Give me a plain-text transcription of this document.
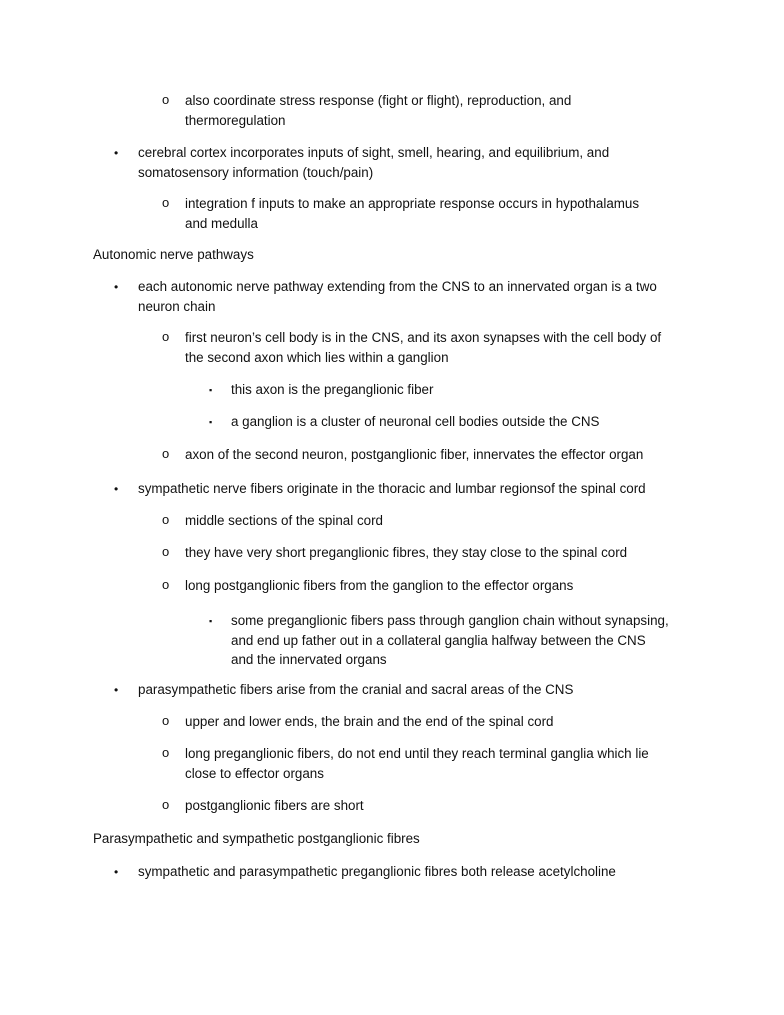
o also coordinate stress response (fight or flight), reproduction, and
thermoregulation
• cerebral cortex incorporates inputs of sight, smell, hearing, and equilibrium, and
somatosensory information (touch/pain)
o integration f inputs to make an appropriate response occurs in hypothalamus
and medulla
Autonomic nerve pathways
• each autonomic nerve pathway extending from the CNS to an innervated organ is a two
neuron chain
o first neuron’s cell body is in the CNS, and its axon synapses with the cell body of
the second axon which lies within a ganglion
▪ this axon is the preganglionic fiber
▪ a ganglion is a cluster of neuronal cell bodies outside the CNS
o axon of the second neuron, postganglionic fiber, innervates the effector organ
• sympathetic nerve fibers originate in the thoracic and lumbar regionsof the spinal cord
o middle sections of the spinal cord
o they have very short preganglionic fibres, they stay close to the spinal cord
o long postganglionic fibers from the ganglion to the effector organs
▪ some preganglionic fibers pass through ganglion chain without synapsing,
and end up father out in a collateral ganglia halfway between the CNS
and the innervated organs
• parasympathetic fibers arise from the cranial and sacral areas of the CNS
o upper and lower ends, the brain and the end of the spinal cord
o long preganglionic fibers, do not end until they reach terminal ganglia which lie
close to effector organs
o postganglionic fibers are short
Parasympathetic and sympathetic postganglionic fibres
• sympathetic and parasympathetic preganglionic fibres both release acetylcholine
